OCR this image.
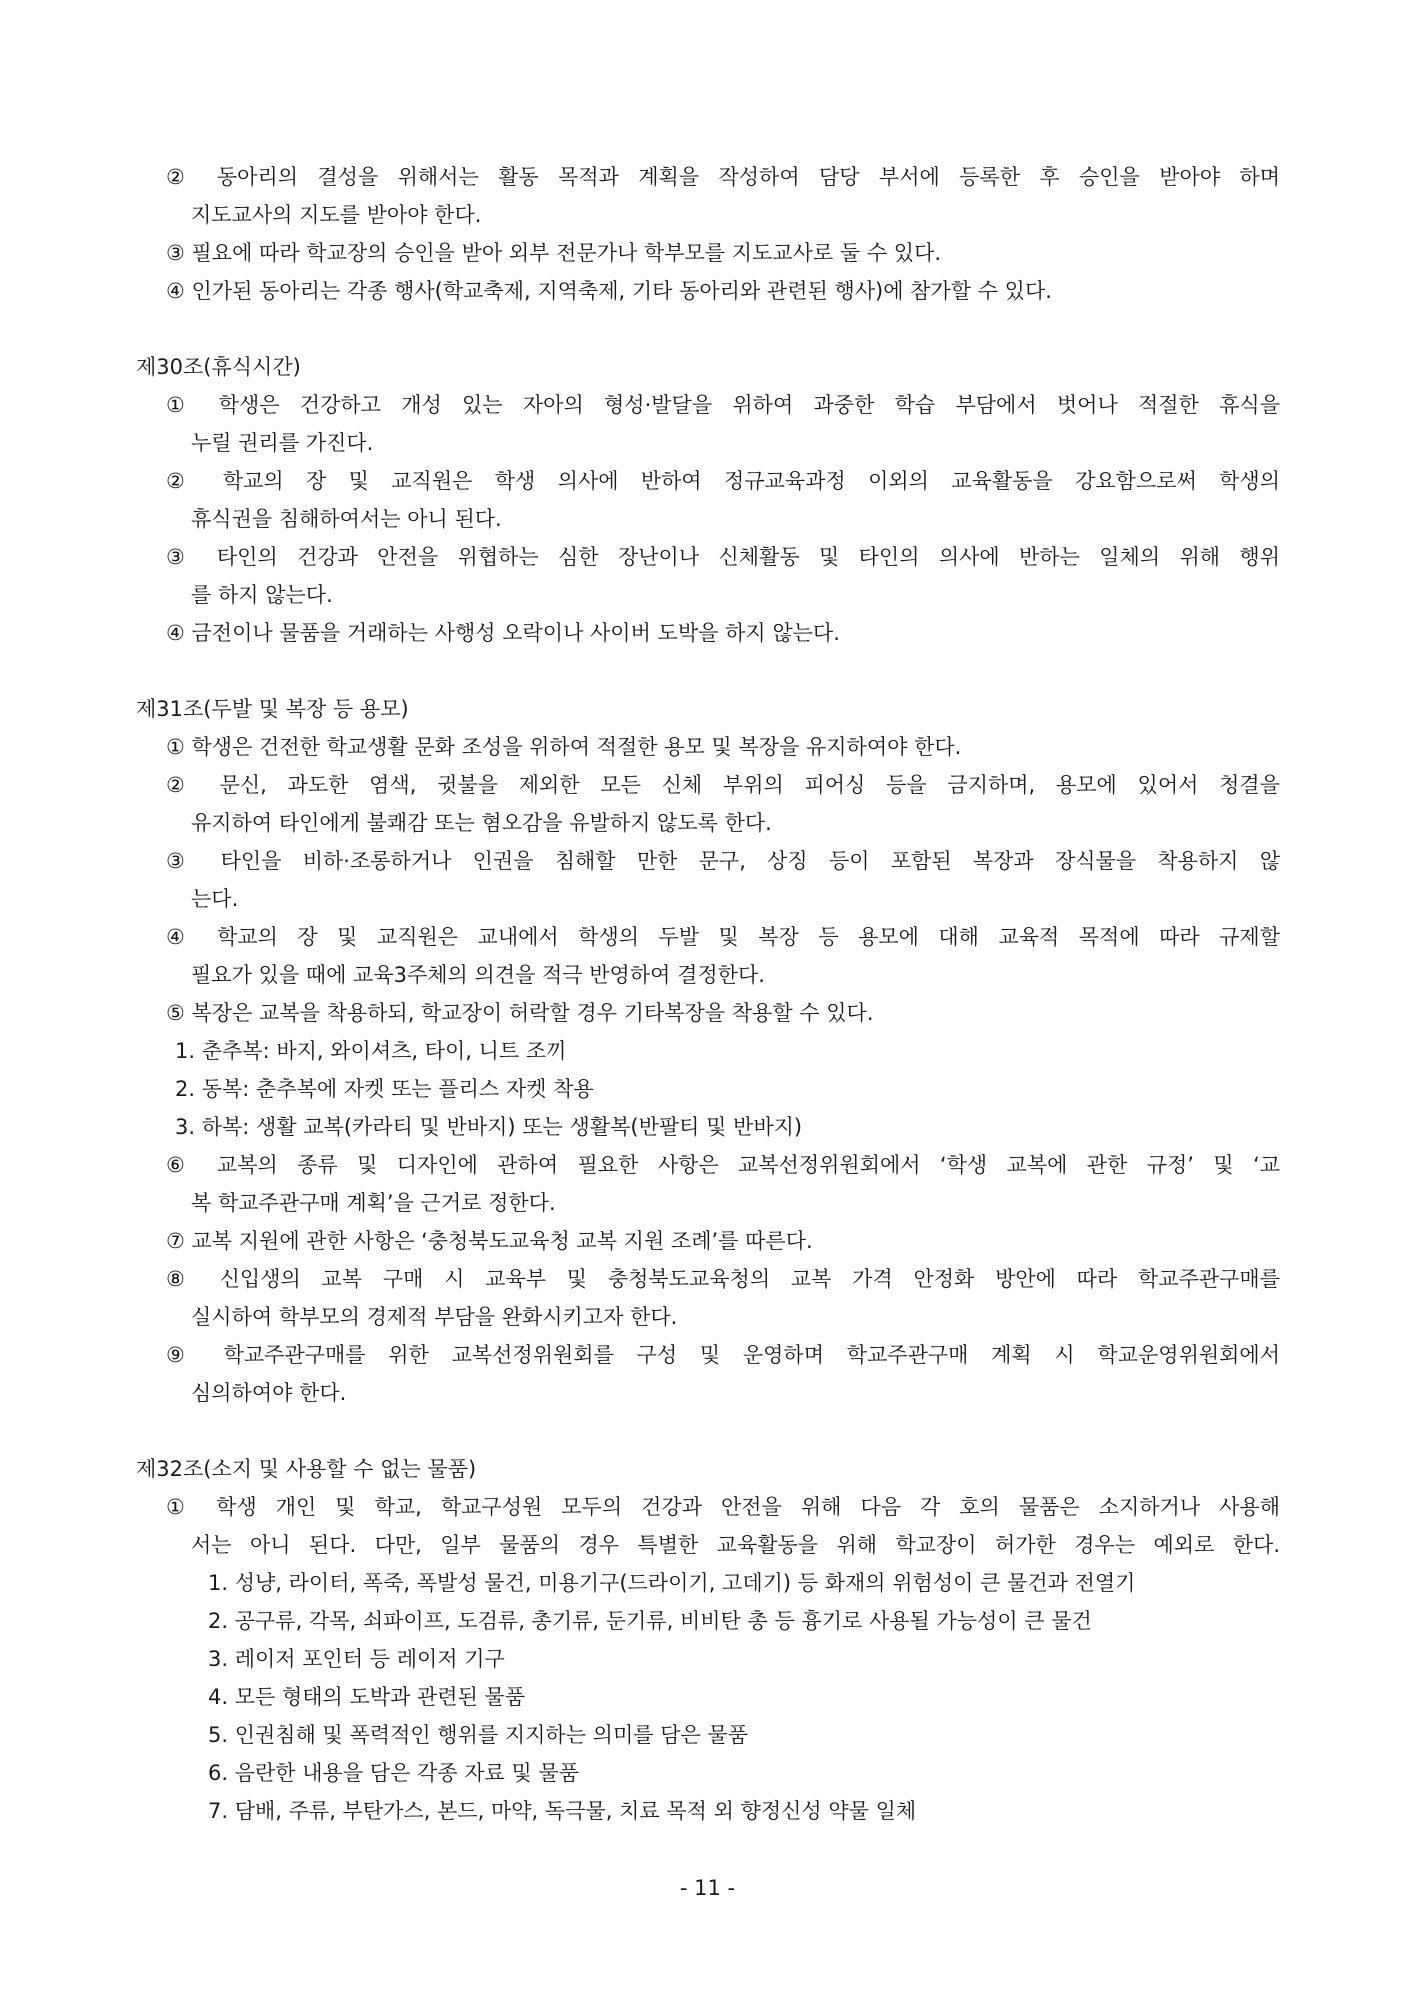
② 동아리의 결성을 위해서는 활동 목적과 계획을 작성하여 담당 부서에 등록한 후 승인을 받아야 하며
지도교사의 지도를 받아야 한다.
③ 필요에 따라 학교장의 승인을 받아 외부 전문가나 학부모를 지도교사로 둘 수 있다.
④ 인가된 동아리는 각종 행사(학교축제, 지역축제, 기타 동아리와 관련된 행사)에 참가할 수 있다.
제30조(휴식시간)
① 학생은 건강하고 개성 있는 자아의 형성·발달을 위하여 과중한 학습 부담에서 벗어나 적절한 휴식을
누릴 권리를 가진다.
② 학교의 장 및 교직원은 학생 의사에 반하여 정규교육과정 이외의 교육활동을 강요함으로써 학생의
휴식권을 침해하여서는 아니 된다.
③ 타인의 건강과 안전을 위협하는 심한 장난이나 신체활동 및 타인의 의사에 반하는 일체의 위해 행위
를 하지 않는다.
④ 금전이나 물품을 거래하는 사행성 오락이나 사이버 도박을 하지 않는다.
제31조(두발 및 복장 등 용모)
① 학생은 건전한 학교생활 문화 조성을 위하여 적절한 용모 및 복장을 유지하여야 한다.
② 문신, 과도한 염색, 귓불을 제외한 모든 신체 부위의 피어싱 등을 금지하며, 용모에 있어서 청결을
유지하여 타인에게 불쾌감 또는 혐오감을 유발하지 않도록 한다.
③ 타인을 비하·조롱하거나 인권을 침해할 만한 문구, 상징 등이 포함된 복장과 장식물을 착용하지 않
는다.
④ 학교의 장 및 교직원은 교내에서 학생의 두발 및 복장 등 용모에 대해 교육적 목적에 따라 규제할
필요가 있을 때에 교육3주체의 의견을 적극 반영하여 결정한다.
⑤ 복장은 교복을 착용하되, 학교장이 허락할 경우 기타복장을 착용할 수 있다.
1. 춘추복: 바지, 와이셔츠, 타이, 니트 조끼
2. 동복: 춘추복에 자켓 또는 플리스 자켓 착용
3. 하복: 생활 교복(카라티 및 반바지) 또는 생활복(반팔티 및 반바지)
⑥ 교복의 종류 및 디자인에 관하여 필요한 사항은 교복선정위원회에서 ‘학생 교복에 관한 규정’ 및 ‘교
복 학교주관구매 계획’을 근거로 정한다.
⑦ 교복 지원에 관한 사항은 ‘충청북도교육청 교복 지원 조례’를 따른다.
⑧ 신입생의 교복 구매 시 교육부 및 충청북도교육청의 교복 가격 안정화 방안에 따라 학교주관구매를
실시하여 학부모의 경제적 부담을 완화시키고자 한다.
⑨ 학교주관구매를 위한 교복선정위원회를 구성 및 운영하며 학교주관구매 계획 시 학교운영위원회에서
심의하여야 한다.
제32조(소지 및 사용할 수 없는 물품)
① 학생 개인 및 학교, 학교구성원 모두의 건강과 안전을 위해 다음 각 호의 물품은 소지하거나 사용해
서는 아니 된다. 다만, 일부 물품의 경우 특별한 교육활동을 위해 학교장이 허가한 경우는 예외로 한다.
1. 성냥, 라이터, 폭죽, 폭발성 물건, 미용기구(드라이기, 고데기) 등 화재의 위험성이 큰 물건과 전열기
2. 공구류, 각목, 쇠파이프, 도검류, 총기류, 둔기류, 비비탄 총 등 흉기로 사용될 가능성이 큰 물건
3. 레이저 포인터 등 레이저 기구
4. 모든 형태의 도박과 관련된 물품
5. 인권침해 및 폭력적인 행위를 지지하는 의미를 담은 물품
6. 음란한 내용을 담은 각종 자료 및 물품
7. 담배, 주류, 부탄가스, 본드, 마약, 독극물, 치료 목적 외 향정신성 약물 일체
- 11 -
